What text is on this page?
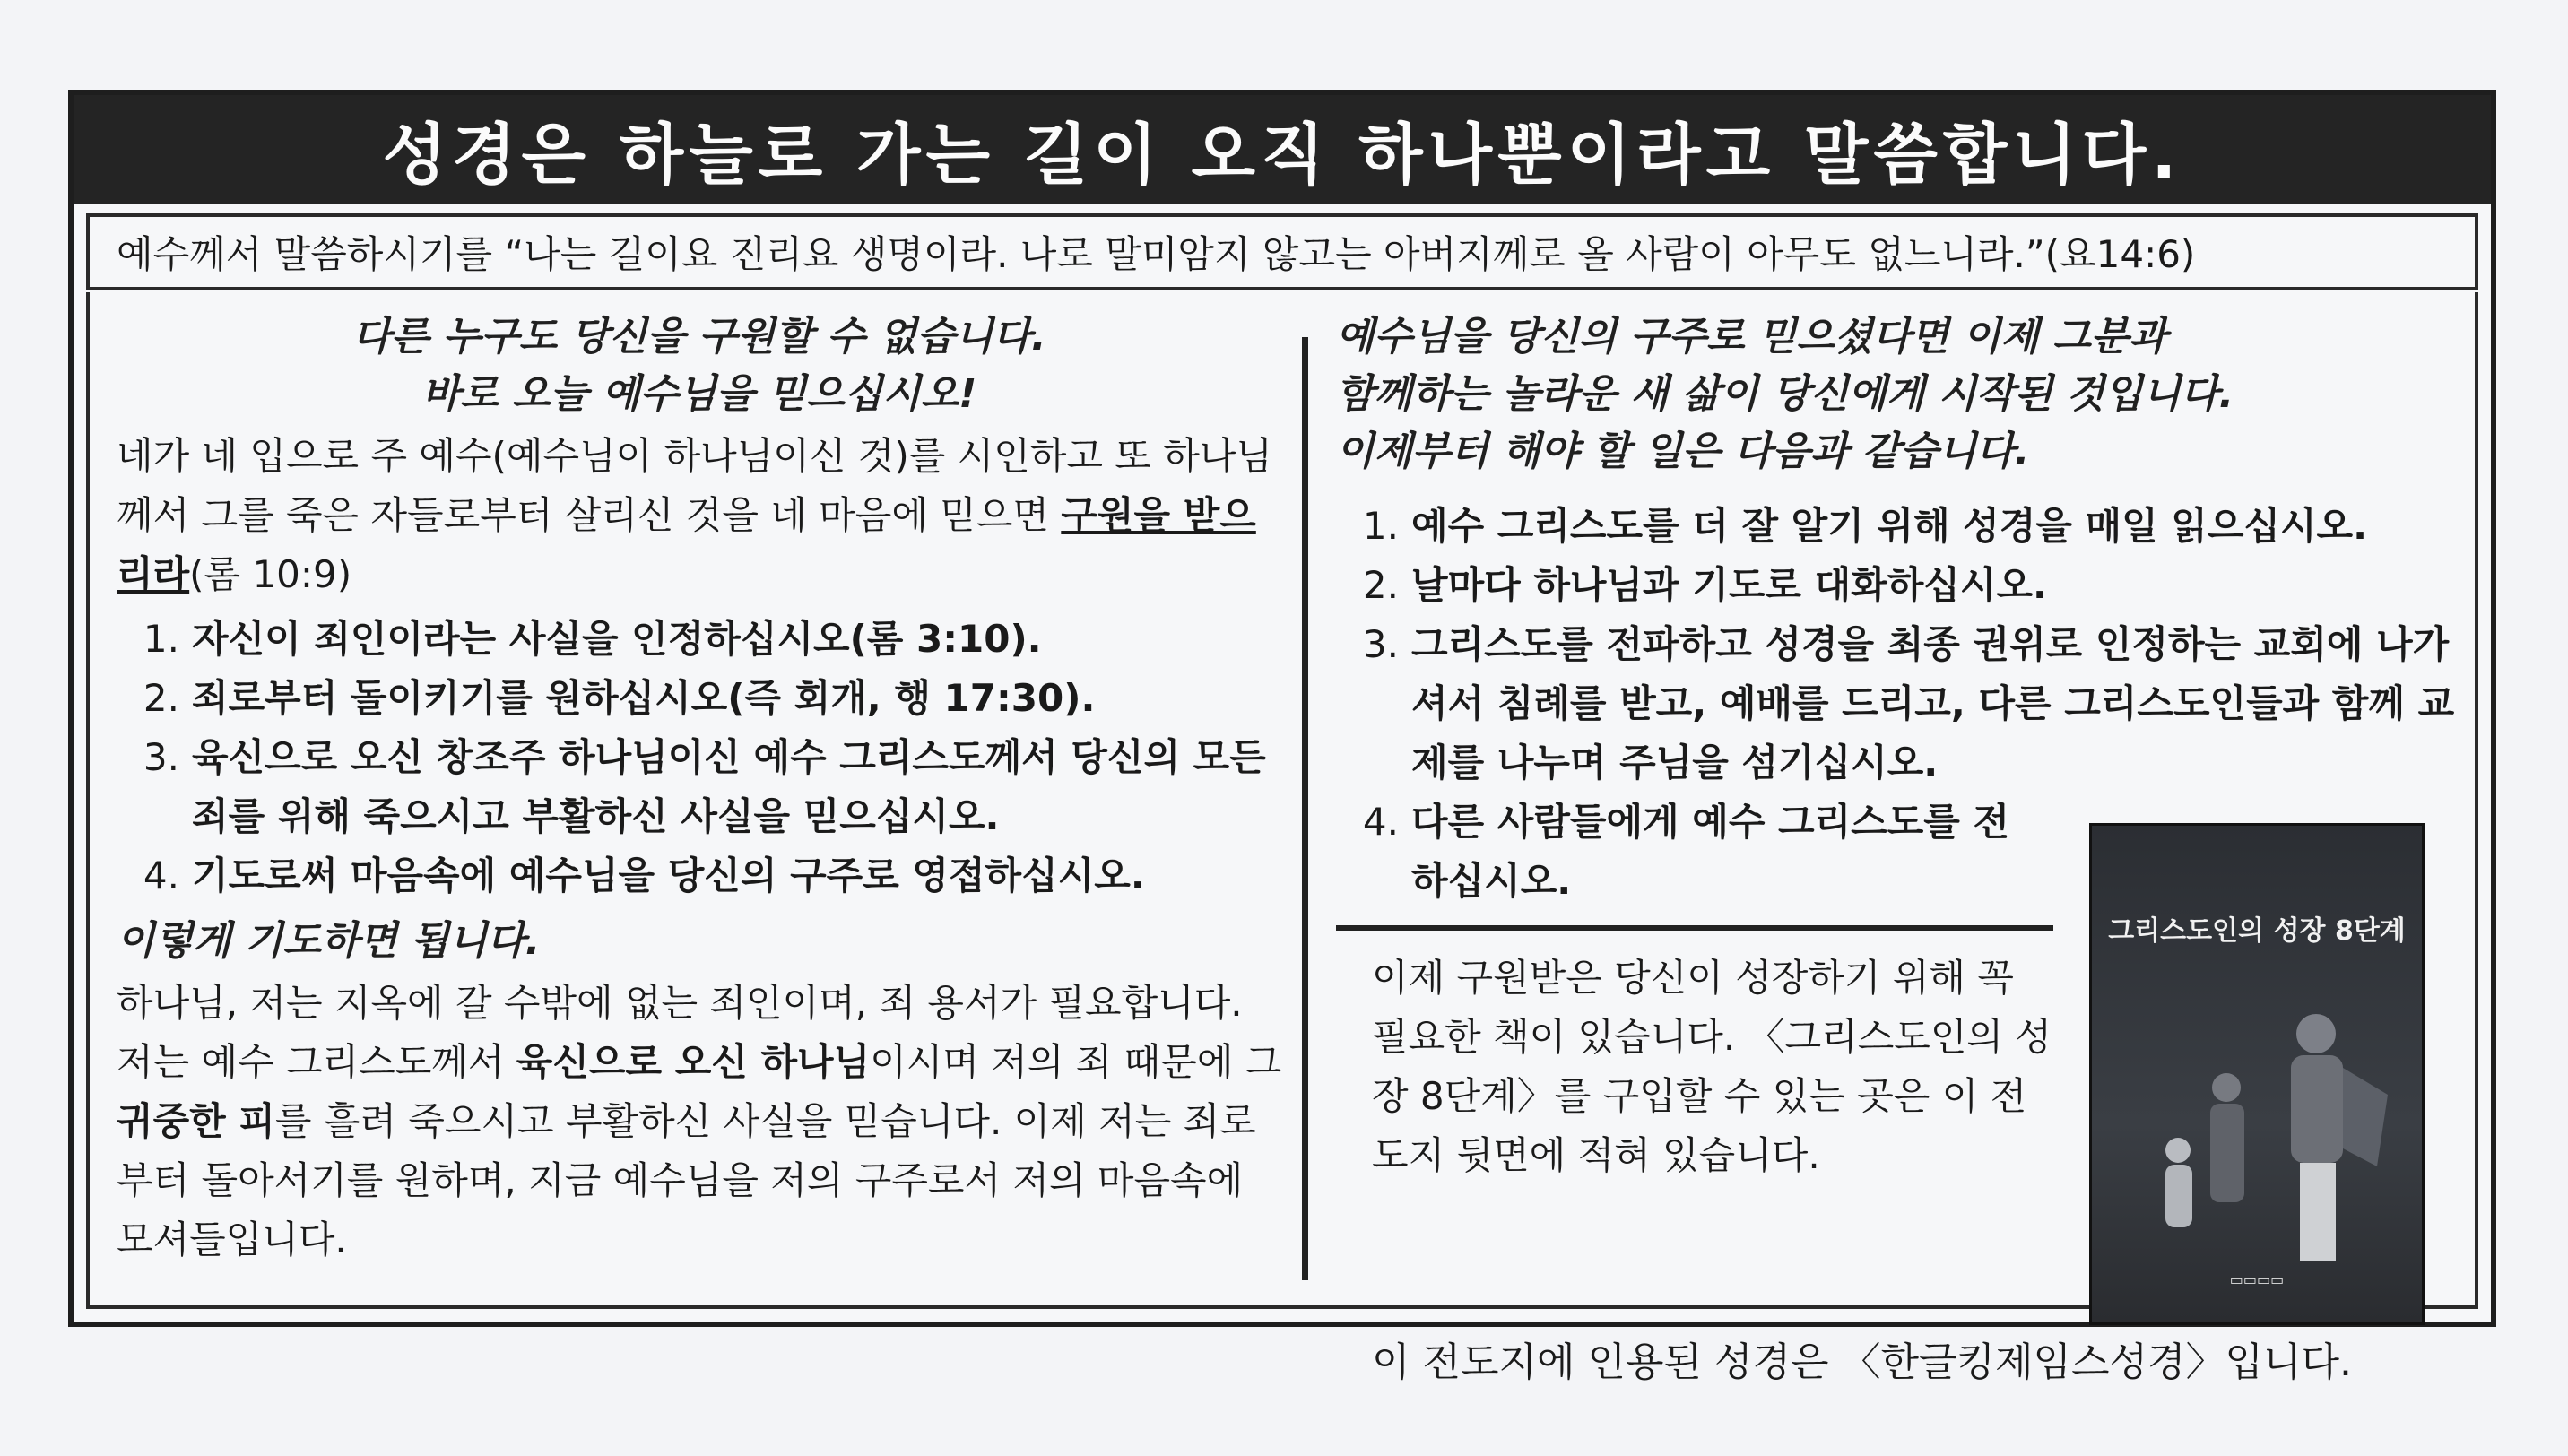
성경은 하늘로 가는 길이 오직 하나뿐이라고 말씀합니다.
예수께서 말씀하시기를 “나는 길이요 진리요 생명이라. 나로 말미암지 않고는 아버지께로 올 사람이 아무도 없느니라.”(요14:6)
다른 누구도 당신을 구원할 수 없습니다.
바로 오늘 예수님을 믿으십시오!

네가 네 입으로 주 예수(예수님이 하나님이신 것)를 시인하고 또 하나님께서 그를 죽은 자들로부터 살리신 것을 네 마음에 믿으면 구원을 받으리라(롬 10:9)

1. 자신이 죄인이라는 사실을 인정하십시오(롬 3:10).
2. 죄로부터 돌이키기를 원하십시오(즉 회개, 행 17:30).
3. 육신으로 오신 창조주 하나님이신 예수 그리스도께서 당신의 모든 죄를 위해 죽으시고 부활하신 사실을 믿으십시오.
4. 기도로써 마음속에 예수님을 당신의 구주로 영접하십시오.
이렇게 기도하면 됩니다.

하나님, 저는 지옥에 갈 수밖에 없는 죄인이며, 죄 용서가 필요합니다. 저는 예수 그리스도께서 육신으로 오신 하나님이시며 저의 죄 때문에 그 귀중한 피를 흘려 죽으시고 부활하신 사실을 믿습니다. 이제 저는 죄로부터 돌아서기를 원하며, 지금 예수님을 저의 구주로서 저의 마음속에 모셔들입니다.

예수님을 당신의 구주로 믿으셨다면 이제 그분과
함께하는 놀라운 새 삶이 당신에게 시작된 것입니다.
이제부터 해야 할 일은 다음과 같습니다.
1. 예수 그리스도를 더 잘 알기 위해 성경을 매일 읽으십시오.
2. 날마다 하나님과 기도로 대화하십시오.
3. 그리스도를 전파하고 성경을 최종 권위로 인정하는 교회에 나가셔서 침례를 받고, 예배를 드리고, 다른 그리스도인들과 함께 교제를 나누며 주님을 섬기십시오.
4. 다른 사람들에게 예수 그리스도를 전하십시오.

이제 구원받은 당신이 성장하기 위해 꼭 필요한 책이 있습니다. 〈그리스도인의 성장 8단계〉를 구입할 수 있는 곳은 이 전도지 뒷면에 적혀 있습니다.

그리스도인의 성장 8단계
▭▭▭▭
이 전도지에 인용된 성경은 〈한글킹제임스성경〉입니다.
